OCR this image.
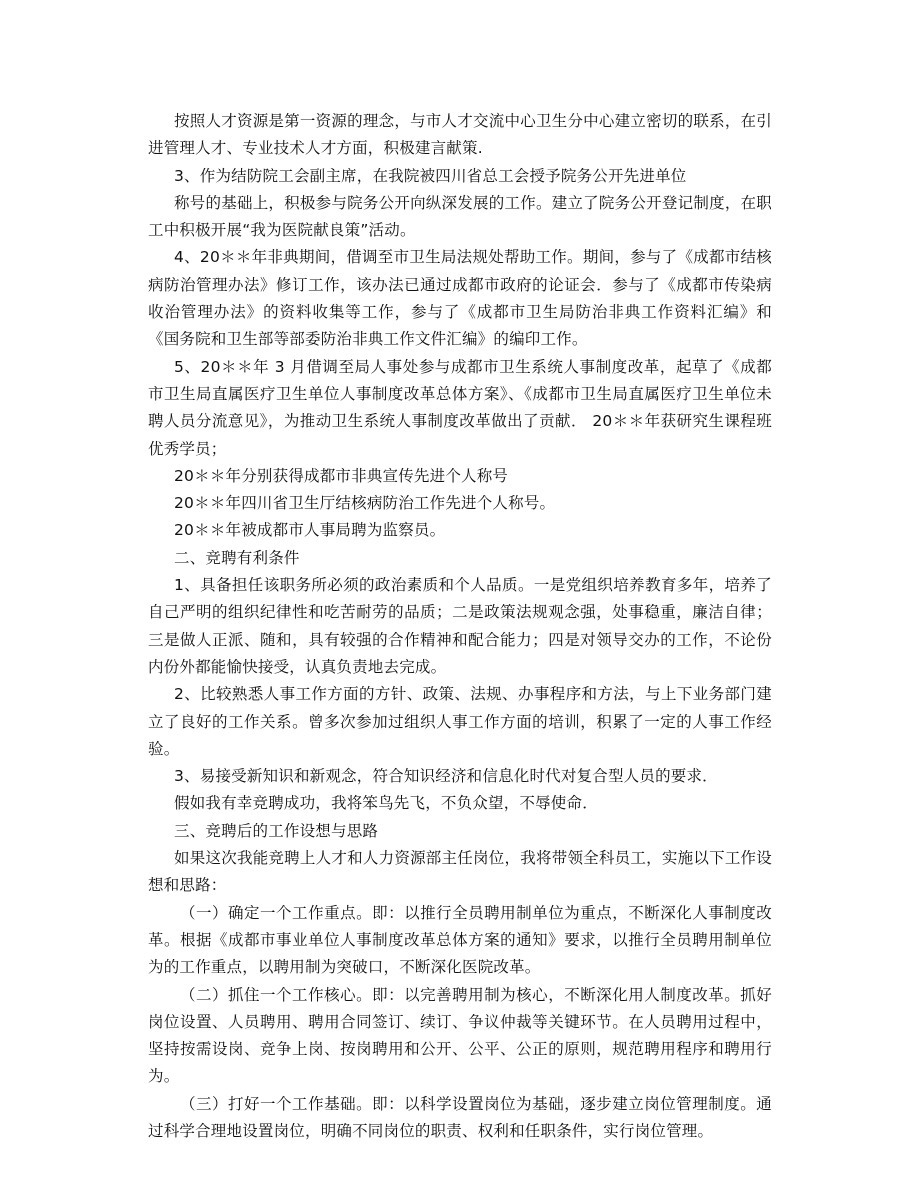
按照人才资源是第一资源的理念，与市人才交流中心卫生分中心建立密切的联系，在引进管理人才、专业技术人才方面，积极建言献策.

3、作为结防院工会副主席，在我院被四川省总工会授予院务公开先进单位

称号的基础上，积极参与院务公开向纵深发展的工作。建立了院务公开登记制度，在职工中积极开展“我为医院献良策”活动。

4、20＊＊年非典期间，借调至市卫生局法规处帮助工作。期间，参与了《成都市结核病防治管理办法》修订工作，该办法已通过成都市政府的论证会．参与了《成都市传染病收治管理办法》的资料收集等工作，参与了《成都市卫生局防治非典工作资料汇编》和《国务院和卫生部等部委防治非典工作文件汇编》的编印工作。

5、20＊＊年 3 月借调至局人事处参与成都市卫生系统人事制度改革，起草了《成都市卫生局直属医疗卫生单位人事制度改革总体方案》、《成都市卫生局直属医疗卫生单位未聘人员分流意见》，为推动卫生系统人事制度改革做出了贡献． 20＊＊年获研究生课程班优秀学员；

20＊＊年分别获得成都市非典宣传先进个人称号

20＊＊年四川省卫生厅结核病防治工作先进个人称号。

20＊＊年被成都市人事局聘为监察员。

二、竞聘有利条件

1、具备担任该职务所必须的政治素质和个人品质。一是党组织培养教育多年，培养了自己严明的组织纪律性和吃苦耐劳的品质；二是政策法规观念强，处事稳重，廉洁自律；三是做人正派、随和，具有较强的合作精神和配合能力；四是对领导交办的工作，不论份内份外都能愉快接受，认真负责地去完成。

2、比较熟悉人事工作方面的方针、政策、法规、办事程序和方法，与上下业务部门建立了良好的工作关系。曾多次参加过组织人事工作方面的培训，积累了一定的人事工作经验。

3、易接受新知识和新观念，符合知识经济和信息化时代对复合型人员的要求．

假如我有幸竞聘成功，我将笨鸟先飞，不负众望，不辱使命．

三、竞聘后的工作设想与思路

如果这次我能竞聘上人才和人力资源部主任岗位，我将带领全科员工，实施以下工作设想和思路：

（一）确定一个工作重点。即：以推行全员聘用制单位为重点，不断深化人事制度改革。根据《成都市事业单位人事制度改革总体方案的通知》要求，以推行全员聘用制单位为的工作重点，以聘用制为突破口，不断深化医院改革。

（二）抓住一个工作核心。即：以完善聘用制为核心，不断深化用人制度改革。抓好岗位设置、人员聘用、聘用合同签订、续订、争议仲裁等关键环节。在人员聘用过程中，坚持按需设岗、竞争上岗、按岗聘用和公开、公平、公正的原则，规范聘用程序和聘用行为。

（三）打好一个工作基础。即：以科学设置岗位为基础，逐步建立岗位管理制度。通过科学合理地设置岗位，明确不同岗位的职责、权利和任职条件，实行岗位管理。
